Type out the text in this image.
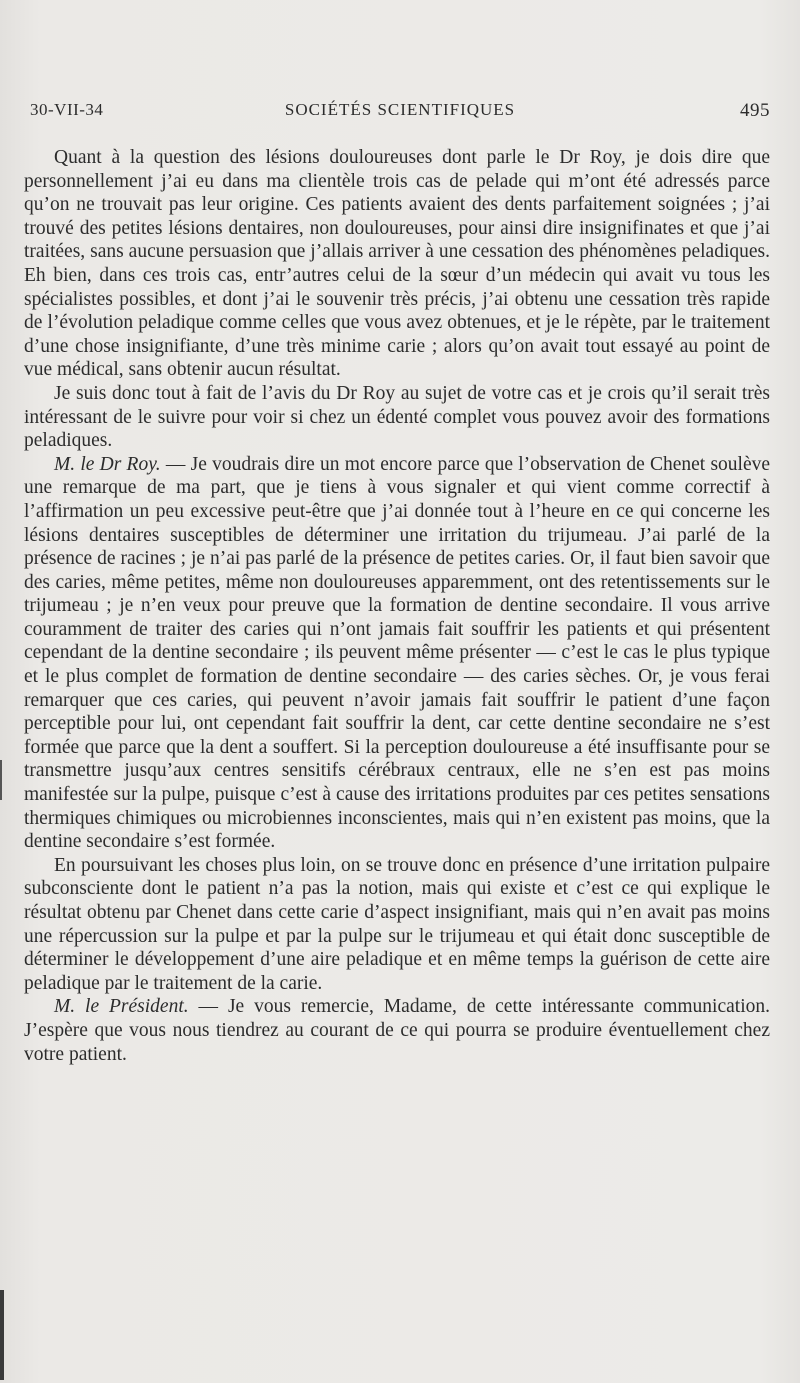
30-VII-34	SOCIÉTÉS SCIENTIFIQUES	495

Quant à la question des lésions douloureuses dont parle le Dr Roy, je dois dire que personnellement j’ai eu dans ma clientèle trois cas de pelade qui m’ont été adressés parce qu’on ne trouvait pas leur origine. Ces patients avaient des dents parfaitement soignées ; j’ai trouvé des petites lésions dentaires, non douloureuses, pour ainsi dire insignifinates et que j’ai traitées, sans aucune persuasion que j’allais arriver à une cessation des phénomènes peladiques. Eh bien, dans ces trois cas, entr’autres celui de la sœur d’un médecin qui avait vu tous les spécialistes possibles, et dont j’ai le souvenir très précis, j’ai obtenu une cessation très rapide de l’évolution peladique comme celles que vous avez obtenues, et je le répète, par le traitement d’une chose insignifiante, d’une très minime carie ; alors qu’on avait tout essayé au point de vue médical, sans obtenir aucun résultat.

Je suis donc tout à fait de l’avis du Dr Roy au sujet de votre cas et je crois qu’il serait très intéressant de le suivre pour voir si chez un édenté complet vous pouvez avoir des formations peladiques.

M. le Dr Roy. — Je voudrais dire un mot encore parce que l’observation de Chenet soulève une remarque de ma part, que je tiens à vous signaler et qui vient comme correctif à l’affirmation un peu excessive peut-être que j’ai donnée tout à l’heure en ce qui concerne les lésions dentaires susceptibles de déterminer une irritation du trijumeau. J’ai parlé de la présence de racines ; je n’ai pas parlé de la présence de petites caries. Or, il faut bien savoir que des caries, même petites, même non douloureuses apparemment, ont des retentissements sur le trijumeau ; je n’en veux pour preuve que la formation de dentine secondaire. Il vous arrive couramment de traiter des caries qui n’ont jamais fait souffrir les patients et qui présentent cependant de la dentine secondaire ; ils peuvent même présenter — c’est le cas le plus typique et le plus complet de formation de dentine secondaire — des caries sèches. Or, je vous ferai remarquer que ces caries, qui peuvent n’avoir jamais fait souffrir le patient d’une façon perceptible pour lui, ont cependant fait souffrir la dent, car cette dentine secondaire ne s’est formée que parce que la dent a souffert. Si la perception douloureuse a été insuffisante pour se transmettre jusqu’aux centres sensitifs cérébraux centraux, elle ne s’en est pas moins manifestée sur la pulpe, puisque c’est à cause des irritations produites par ces petites sensations thermiques chimiques ou microbiennes inconscientes, mais qui n’en existent pas moins, que la dentine secondaire s’est formée.

En poursuivant les choses plus loin, on se trouve donc en présence d’une irritation pulpaire subconsciente dont le patient n’a pas la notion, mais qui existe et c’est ce qui explique le résultat obtenu par Chenet dans cette carie d’aspect insignifiant, mais qui n’en avait pas moins une répercussion sur la pulpe et par la pulpe sur le trijumeau et qui était donc susceptible de déterminer le développement d’une aire peladique et en même temps la guérison de cette aire peladique par le traitement de la carie.

M. le Président. — Je vous remercie, Madame, de cette intéressante communication. J’espère que vous nous tiendrez au courant de ce qui pourra se produire éventuellement chez votre patient.
